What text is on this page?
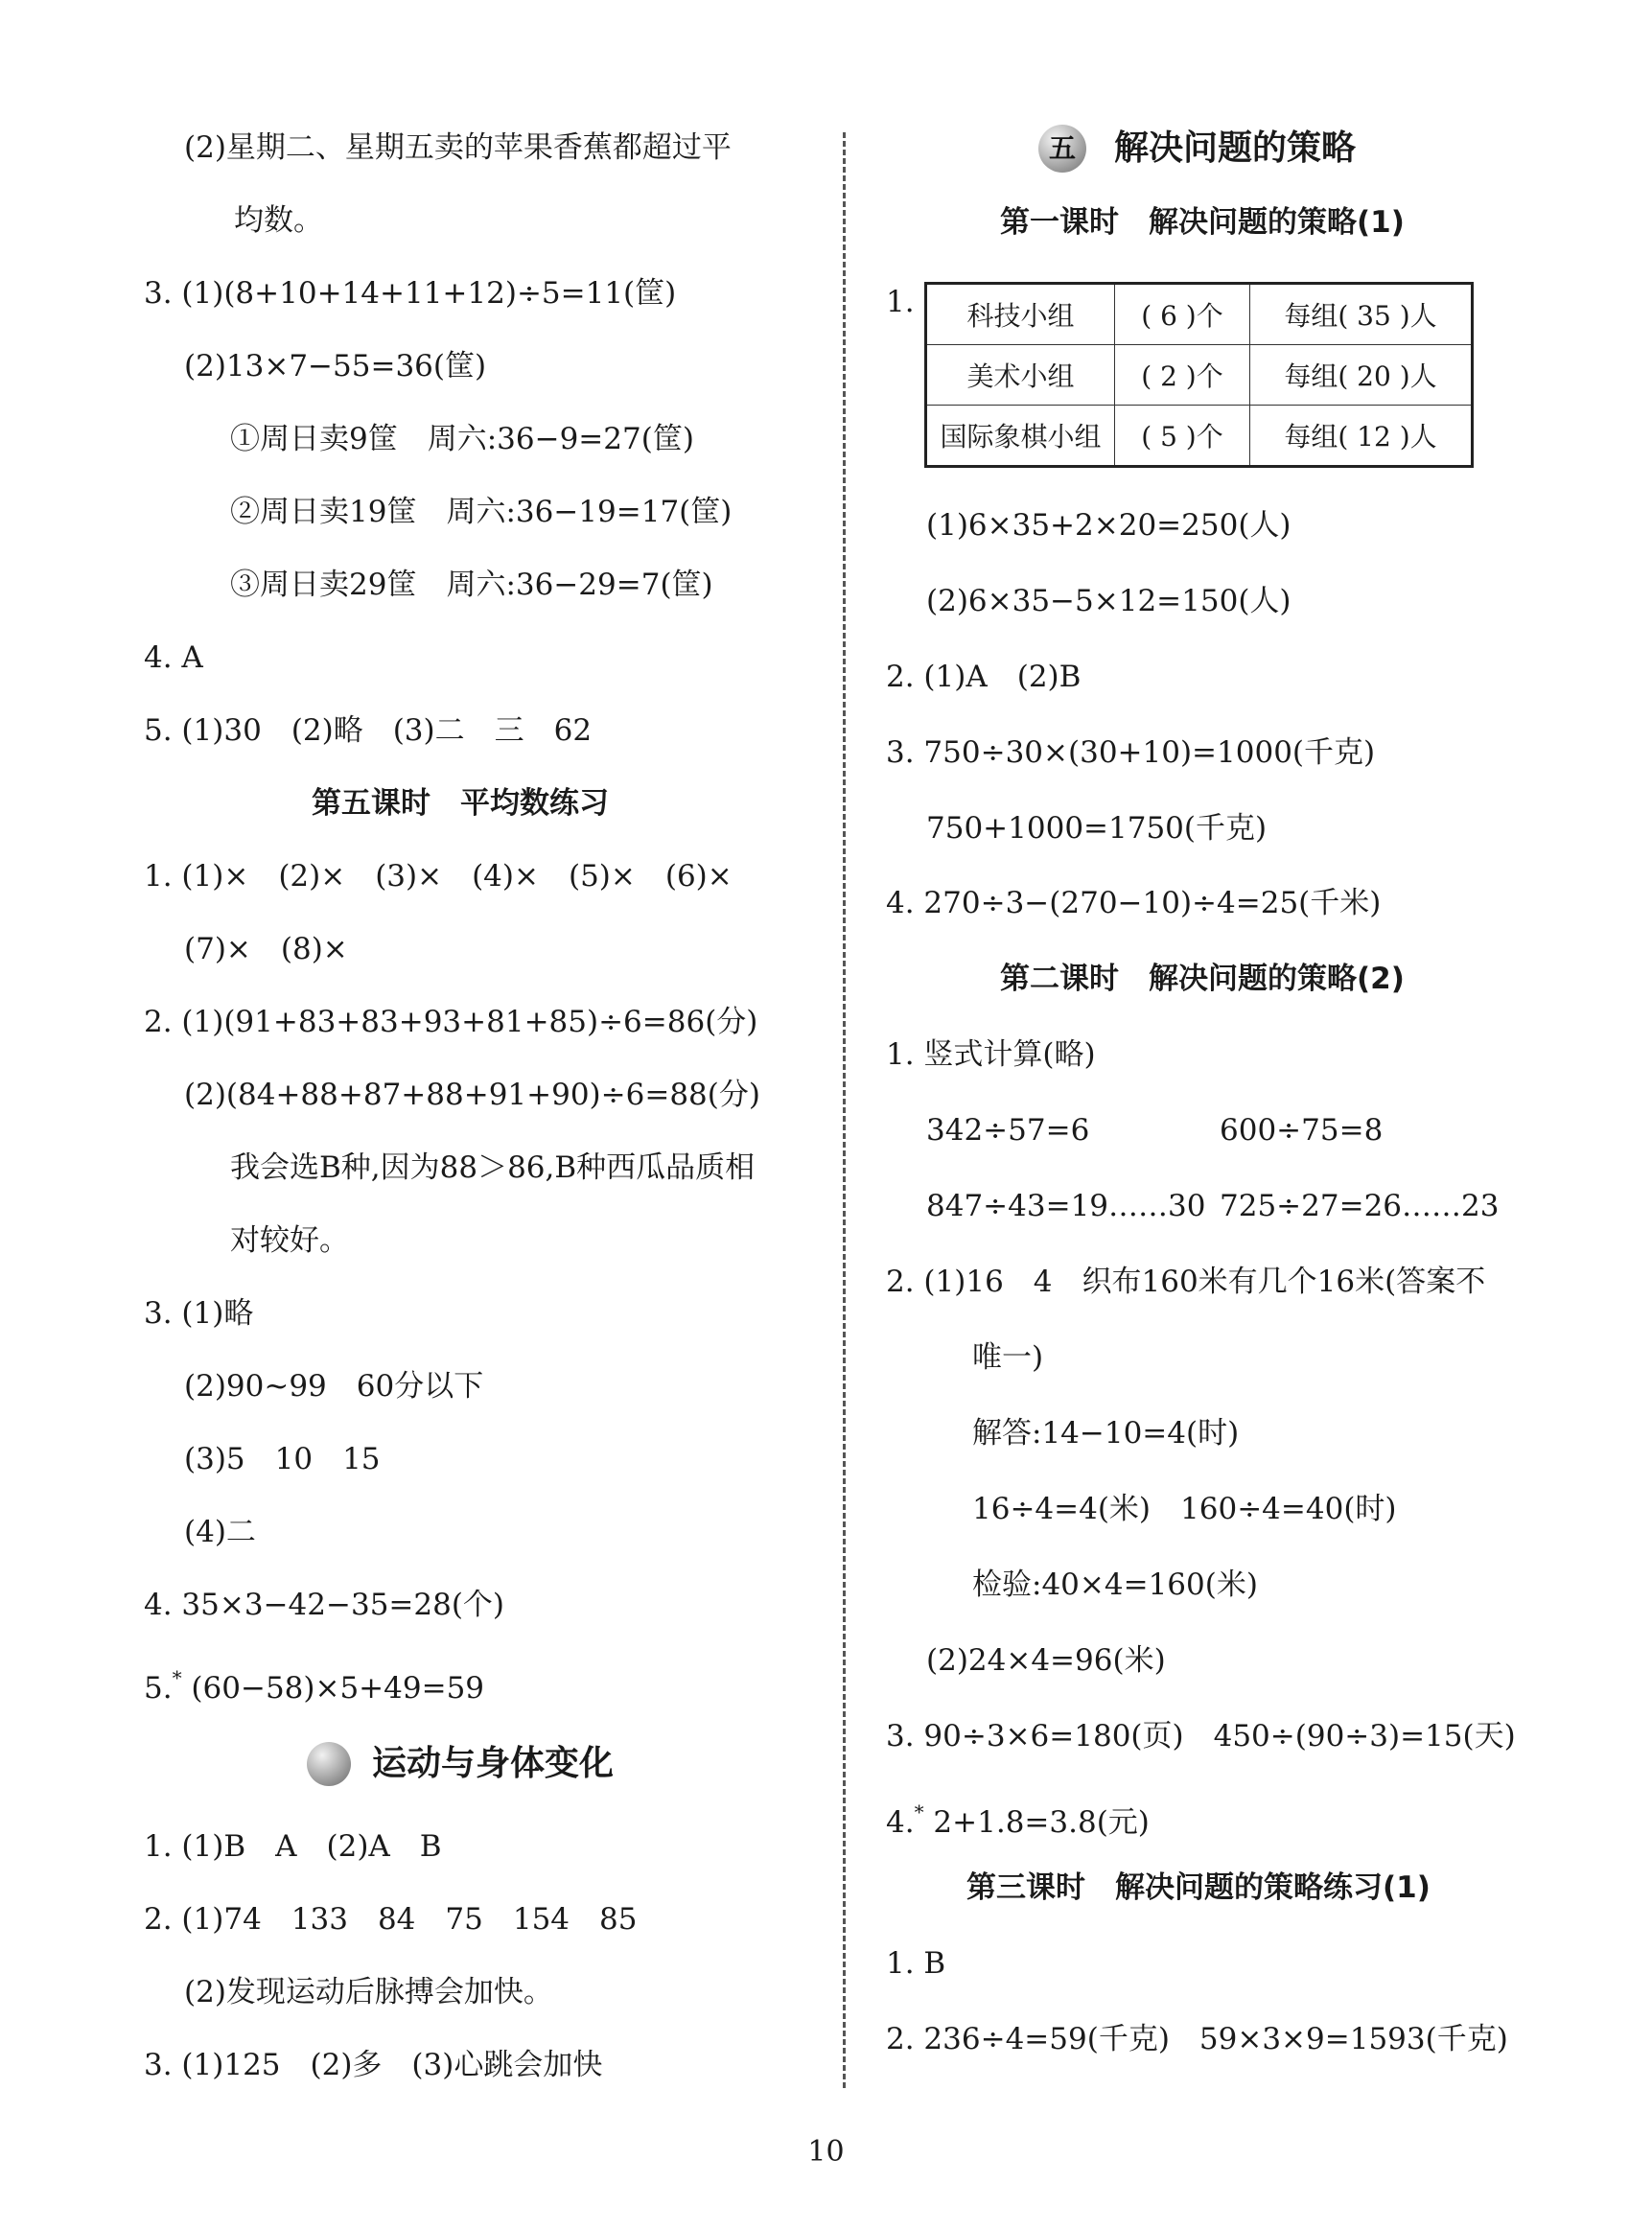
(2)星期二、星期五卖的苹果香蕉都超过平
均数。
3. (1)(8+10+14+11+12)÷5=11(筐)
(2)13×7−55=36(筐)
①周日卖9筐　周六:36−9=27(筐)
②周日卖19筐　周六:36−19=17(筐)
③周日卖29筐　周六:36−29=7(筐)
4. A
5. (1)30　(2)略　(3)二　三　62
第五课时　平均数练习
1. (1)×　(2)×　(3)×　(4)×　(5)×　(6)×
(7)×　(8)×
2. (1)(91+83+83+93+81+85)÷6=86(分)
(2)(84+88+87+88+91+90)÷6=88(分)
我会选B种,因为88＞86,B种西瓜品质相
对较好。
3. (1)略
(2)90~99　60分以下
(3)5　10　15
(4)二
4. 35×3−42−35=28(个)
5.* (60−58)×5+49=59
运动与身体变化
1. (1)B　A　(2)A　B
2. (1)74　133　84　75　154　85
(2)发现运动后脉搏会加快。
3. (1)125　(2)多　(3)心跳会加快
五	解决问题的策略
第一课时　解决问题的策略(1)
1. 科技小组	( 6 )个	每组( 35 )人
美术小组	( 2 )个	每组( 20 )人
国际象棋小组	( 5 )个	每组( 12 )人
(1)6×35+2×20=250(人)
(2)6×35−5×12=150(人)
2. (1)A　(2)B
3. 750÷30×(30+10)=1000(千克)
750+1000=1750(千克)
4. 270÷3−(270−10)÷4=25(千米)
第二课时　解决问题的策略(2)
1. 竖式计算(略)
342÷57=6	600÷75=8
847÷43=19……30 725÷27=26……23
2. (1)16　4　织布160米有几个16米(答案不
唯一)
解答:14−10=4(时)
16÷4=4(米)　160÷4=40(时)
检验:40×4=160(米)
(2)24×4=96(米)
3. 90÷3×6=180(页)　450÷(90÷3)=15(天)
4.* 2+1.8=3.8(元)
第三课时　解决问题的策略练习(1)
1. B
2. 236÷4=59(千克)　59×3×9=1593(千克)
10
